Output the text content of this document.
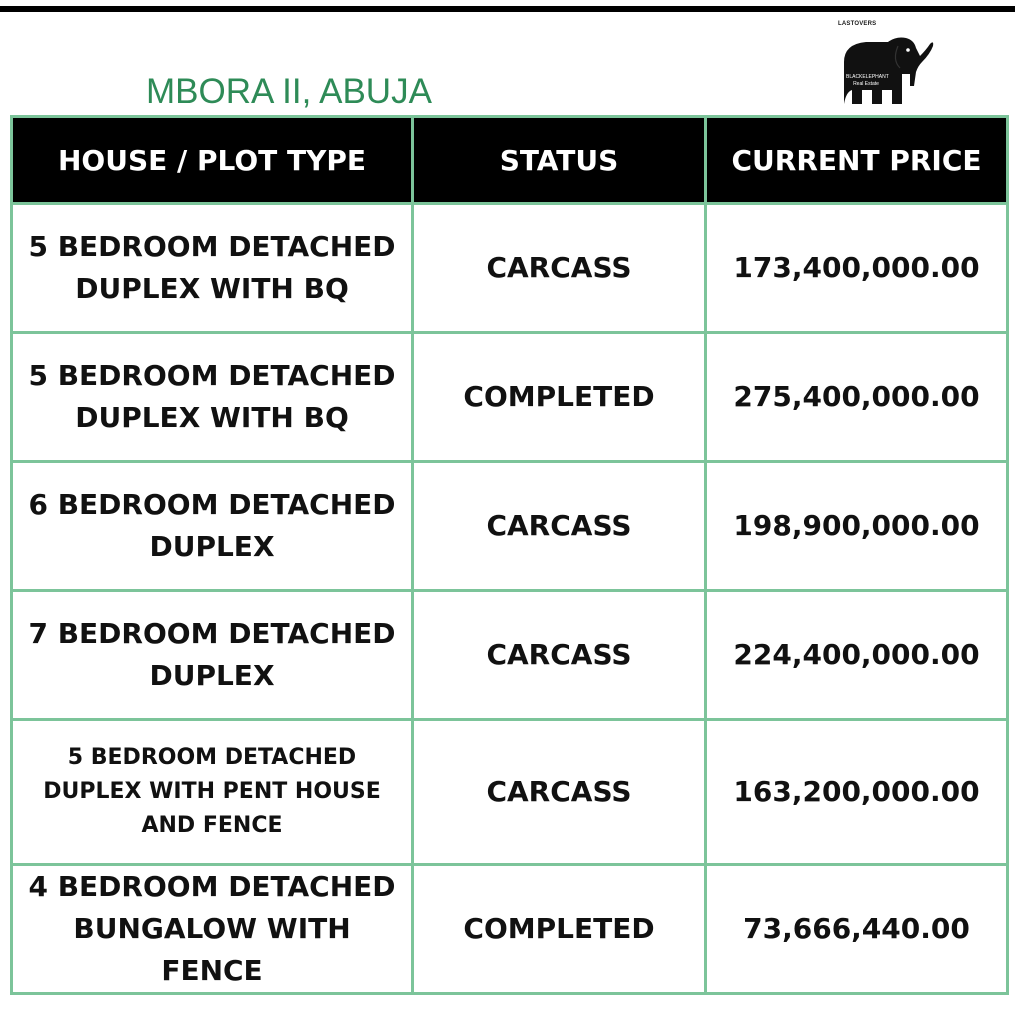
MBORA II, ABUJA
LASTOVERS
BLACKELEPHANT
Real Estate
HOUSE / PLOT TYPE	STATUS	CURRENT PRICE
5 BEDROOM DETACHED DUPLEX WITH BQ	CARCASS	173,400,000.00
5 BEDROOM DETACHED DUPLEX WITH BQ	COMPLETED	275,400,000.00
6 BEDROOM DETACHED DUPLEX	CARCASS	198,900,000.00
7 BEDROOM DETACHED DUPLEX	CARCASS	224,400,000.00
5 BEDROOM DETACHED DUPLEX WITH PENT HOUSE AND FENCE	CARCASS	163,200,000.00
4 BEDROOM DETACHED BUNGALOW WITH FENCE	COMPLETED	73,666,440.00
